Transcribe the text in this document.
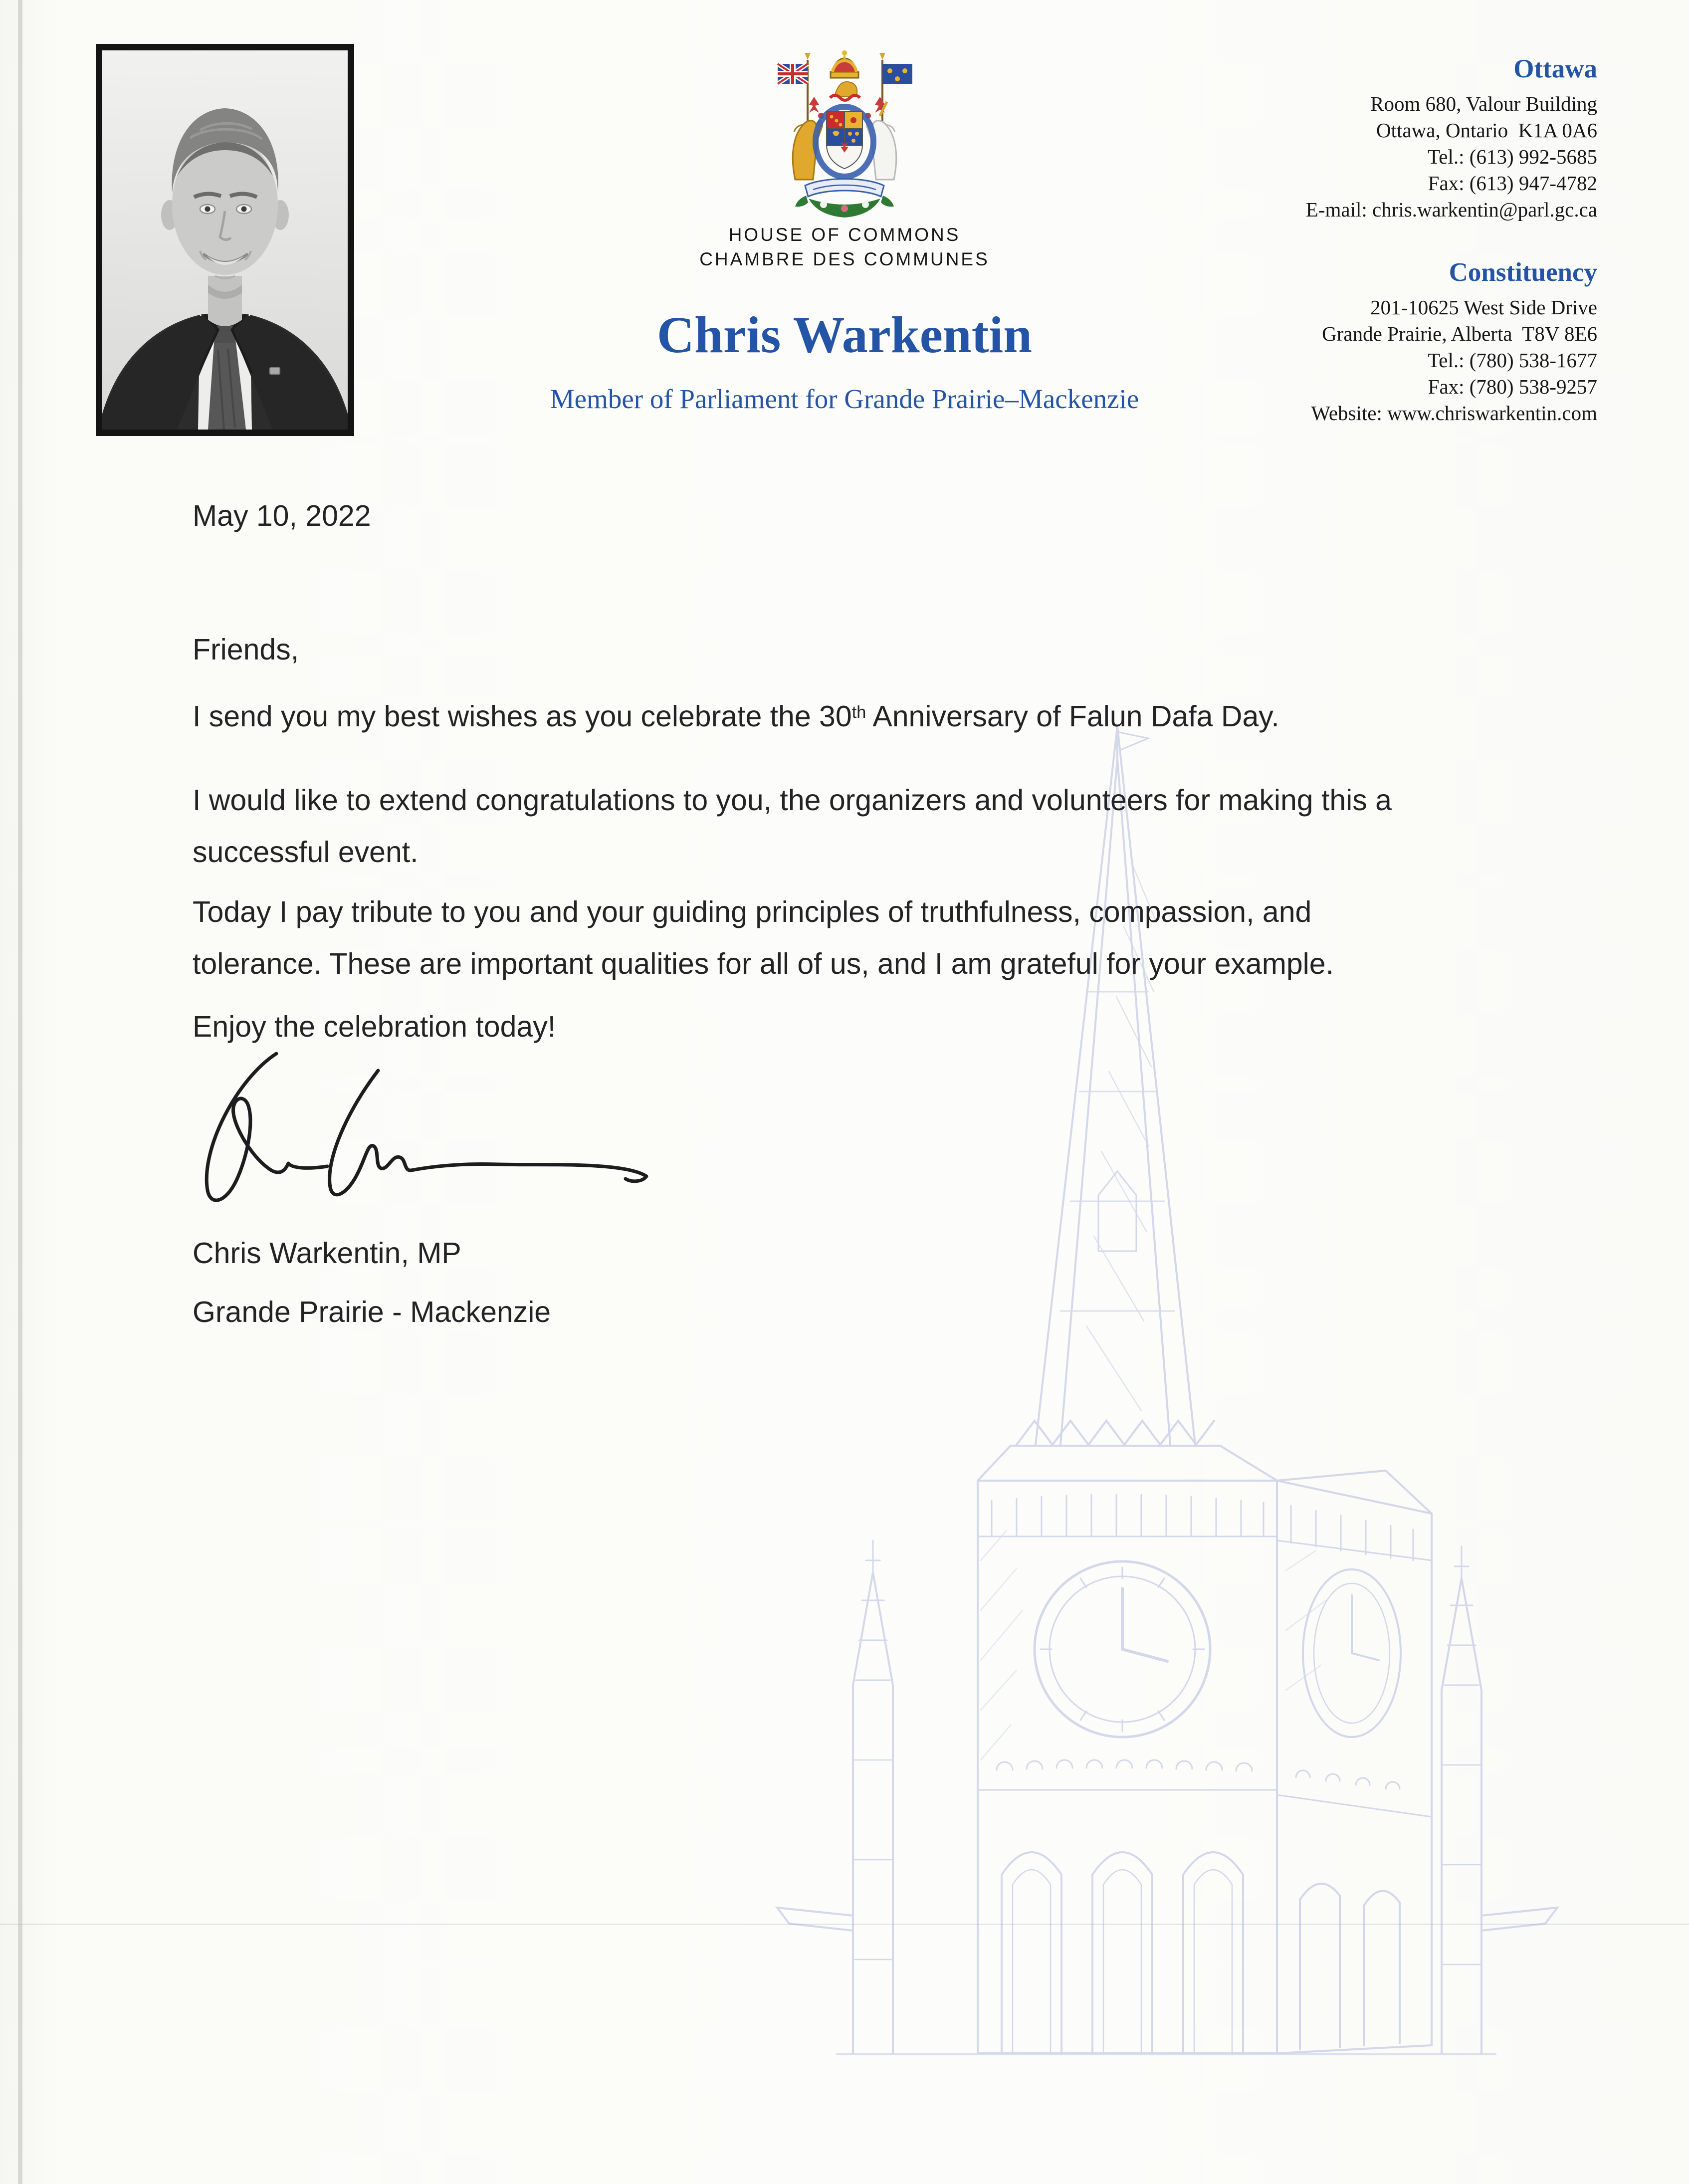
HOUSE OF COMMONS
CHAMBRE DES COMMUNES
Chris Warkentin
Member of Parliament for Grande Prairie–Mackenzie
Ottawa
Room 680, Valour Building
Ottawa, Ontario  K1A 0A6
Tel.: (613) 992-5685
Fax: (613) 947-4782
E-mail: chris.warkentin@parl.gc.ca
Constituency
201-10625 West Side Drive
Grande Prairie, Alberta  T8V 8E6
Tel.: (780) 538-1677
Fax: (780) 538-9257
Website: www.chriswarkentin.com
May 10, 2022
Friends,
I send you my best wishes as you celebrate the 30th Anniversary of Falun Dafa Day.
I would like to extend congratulations to you, the organizers and volunteers for making this a
successful event.
Today I pay tribute to you and your guiding principles of truthfulness, compassion, and
tolerance. These are important qualities for all of us, and I am grateful for your example.
Enjoy the celebration today!
Chris Warkentin, MP
Grande Prairie - Mackenzie
